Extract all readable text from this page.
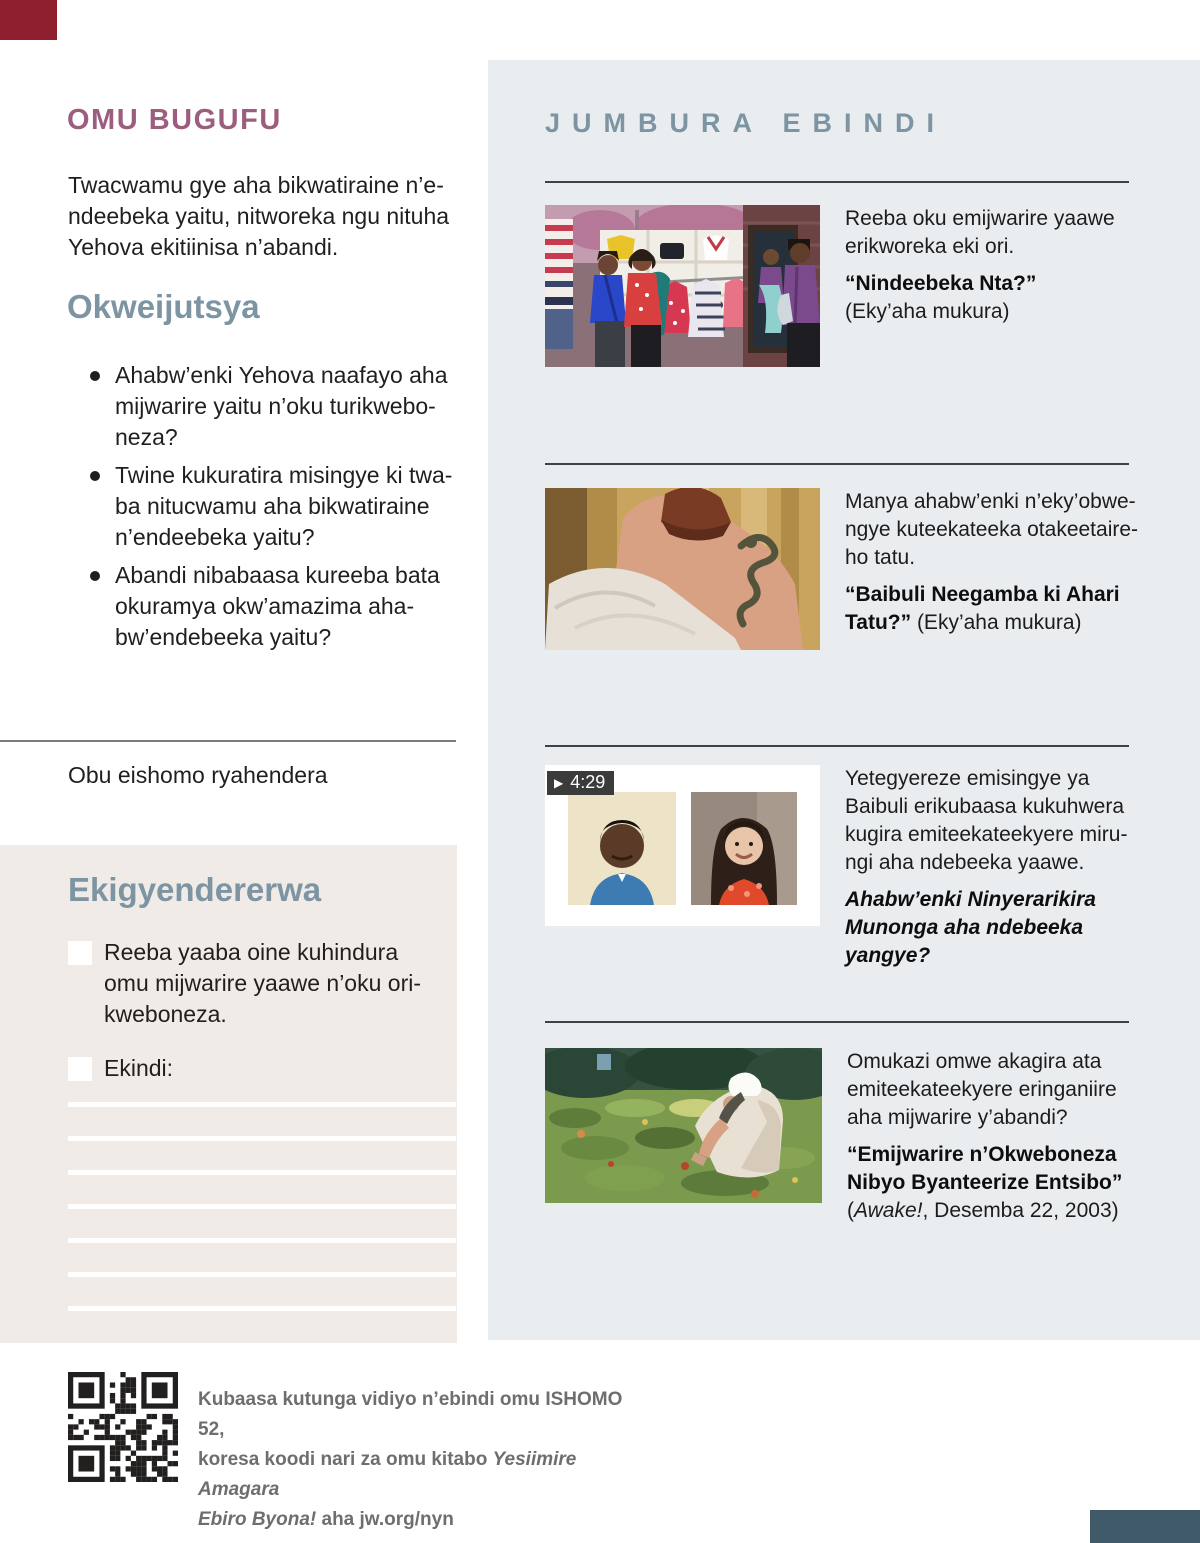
OMU BUGUFU
Twacwamu gye aha bikwatiraine n’e-
ndeebeka yaitu, nitworeka ngu nituha
Yehova ekitiinisa n’abandi.
Okweijutsya
Ahabw’enki Yehova naafayo aha
mijwarire yaitu n’oku turikwebo-
neza?
Twine kukuratira misingye ki twa-
ba nitucwamu aha bikwatiraine
n’endeebeka yaitu?
Abandi nibabaasa kureeba bata
okuramya okw’amazima aha-
bw’endebeeka yaitu?
Obu eishomo ryahendera
Ekigyendererwa
Reeba yaaba oine kuhindura
omu mijwarire yaawe n’oku ori-
kweboneza.
Ekindi:
Kubaasa kutunga vidiyo n’ebindi omu ISHOMO 52,
koresa koodi nari za omu kitabo Yesiimire Amagara
Ebiro Byona! aha jw.org/nyn
JUMBURA EBINDI
Reeba oku emijwarire yaawe
erikworeka eki ori.
“Nindeebeka Nta?”
(Eky’aha mukura)
Manya ahabw’enki n’eky’obwe-
ngye kuteekateeka otakeetaire-
ho tatu.
“Baibuli Neegamba ki Ahari Tatu?” (Eky’aha mukura)
▶ 4:29	Yetegyereze emisingye ya
Baibuli erikubaasa kukuhwera
kugira emiteekateekyere miru-
ngi aha ndebeeka yaawe.
Ahabw’enki Ninyerarikira
Munonga aha ndebeeka
yangye?
Omukazi omwe akagira ata
emiteekateekyere eringaniire
aha mijwarire y’abandi?
“Emijwarire n’Okweboneza
Nibyo Byanteerize Entsibo”
(Awake!, Desemba 22, 2003)
